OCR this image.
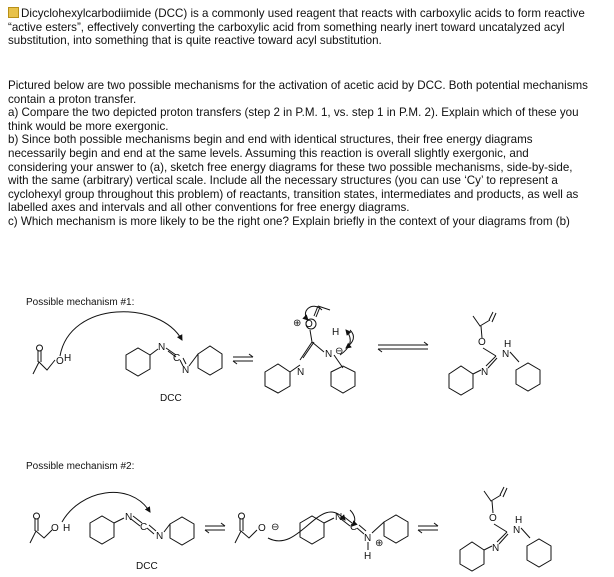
Dicyclohexylcarbodiimide (DCC) is a commonly used reagent that reacts with carboxylic acids to form reactive “active esters”, effectively converting the carboxylic acid from something nearly inert toward uncatalyzed acyl substitution, into something that is quite reactive toward acyl substitution.
Pictured below are two possible mechanisms for the activation of acetic acid by DCC. Both potential mechanisms contain a proton transfer.
a) Compare the two depicted proton transfers (step 2 in P.M. 1, vs. step 1 in P.M. 2). Explain which of these you think would be more exergonic.
b) Since both possible mechanisms begin and end with identical structures, their free energy diagrams necessarily begin and end at the same levels. Assuming this reaction is overall slightly exergonic, and considering your answer to (a), sketch free energy diagrams for these two possible mechanisms, side-by-side, with the same (arbitrary) vertical scale. Include all the necessary structures (you can use ‘Cy’ to represent a cyclohexyl group throughout this problem) of reactants, transition states, intermediates and products, as well as labelled axes and intervals and all other conventions for free energy diagrams.
c) Which mechanism is more likely to be the right one? Explain briefly in the context of your diagrams from (b)
Possible mechanism #1:
Possible mechanism #2:
DCC
DCC
O H
N
C
N
⊕ O
H
N ⊖
N
O H
N
N
O H
N
C
N
O ⊖
N
C
N ⊕
H
O H
N
N
